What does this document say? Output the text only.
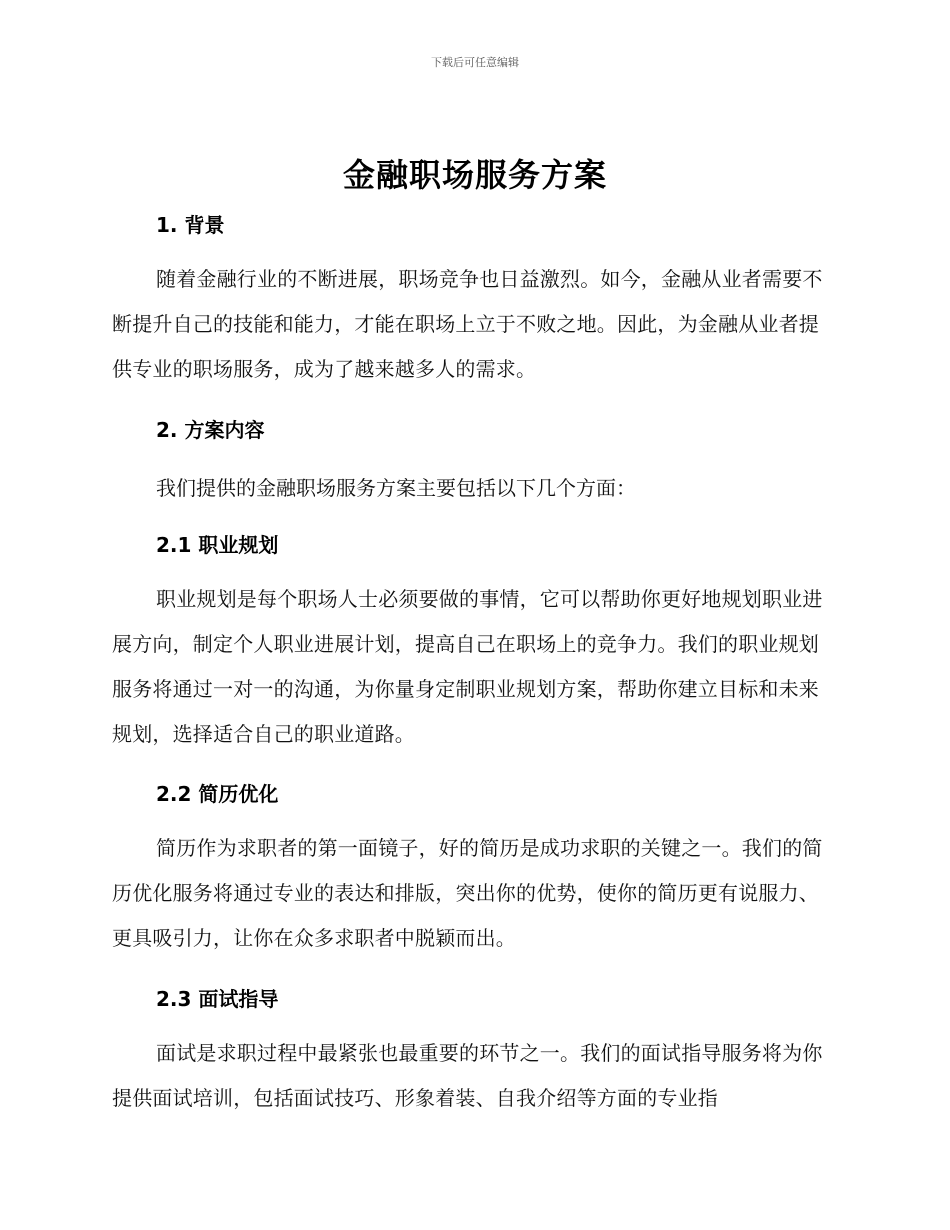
下载后可任意编辑
金融职场服务方案
1. 背景
随着金融行业的不断进展，职场竞争也日益激烈。如今，金融从业者需要不断提升自己的技能和能力，才能在职场上立于不败之地。因此，为金融从业者提供专业的职场服务，成为了越来越多人的需求。
2. 方案内容
我们提供的金融职场服务方案主要包括以下几个方面：
2.1 职业规划
职业规划是每个职场人士必须要做的事情，它可以帮助你更好地规划职业进展方向，制定个人职业进展计划，提高自己在职场上的竞争力。我们的职业规划服务将通过一对一的沟通，为你量身定制职业规划方案，帮助你建立目标和未来规划，选择适合自己的职业道路。
2.2 简历优化
简历作为求职者的第一面镜子，好的简历是成功求职的关键之一。我们的简历优化服务将通过专业的表达和排版，突出你的优势，使你的简历更有说服力、更具吸引力，让你在众多求职者中脱颖而出。
2.3 面试指导
面试是求职过程中最紧张也最重要的环节之一。我们的面试指导服务将为你提供面试培训，包括面试技巧、形象着装、自我介绍等方面的专业指
